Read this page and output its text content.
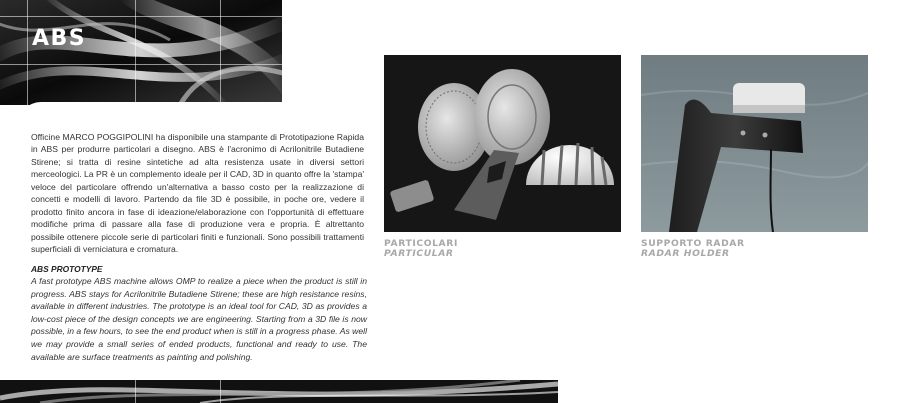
ABS

Officine MARCO POGGIPOLINI ha disponibile una stampante di Prototipazione Rapida in ABS per produrre particolari a disegno. ABS è l'acronimo di Acrilonitrile Butadiene Stirene; si tratta di resine sintetiche ad alta resistenza usate in diversi settori merceologici. La PR è un complemento ideale per il CAD, 3D in quanto offre la 'stampa' veloce del particolare offrendo un'alternativa a basso costo per la realizzazione di concetti e modelli di lavoro. Partendo da file 3D è possibile, in poche ore, vedere il prodotto finito ancora in fase di ideazione/elaborazione con l'opportunità di effettuare modifiche prima di passare alla fase di produzione vera e propria. È altrettanto possibile ottenere piccole serie di particolari finiti e funzionali. Sono possibili trattamenti superficiali di verniciatura e cromatura.

ABS PROTOTYPE

A fast prototype ABS machine allows OMP to realize a piece when the product is still in progress. ABS stays for Acrilonitrile Butadiene Stirene; these are high resistance resins, available in different industries. The prototype is an ideal tool for CAD, 3D as provides a low-cost piece of the design concepts we are engineering. Starting from a 3D file is now possible, in a few hours, to see the end product when is still in a progress phase. As well we may provide a small series of ended products, functional and ready to use. The available are surface treatments as painting and polishing.

PARTICOLARI
PARTICULAR

SUPPORTO RADAR
RADAR HOLDER
